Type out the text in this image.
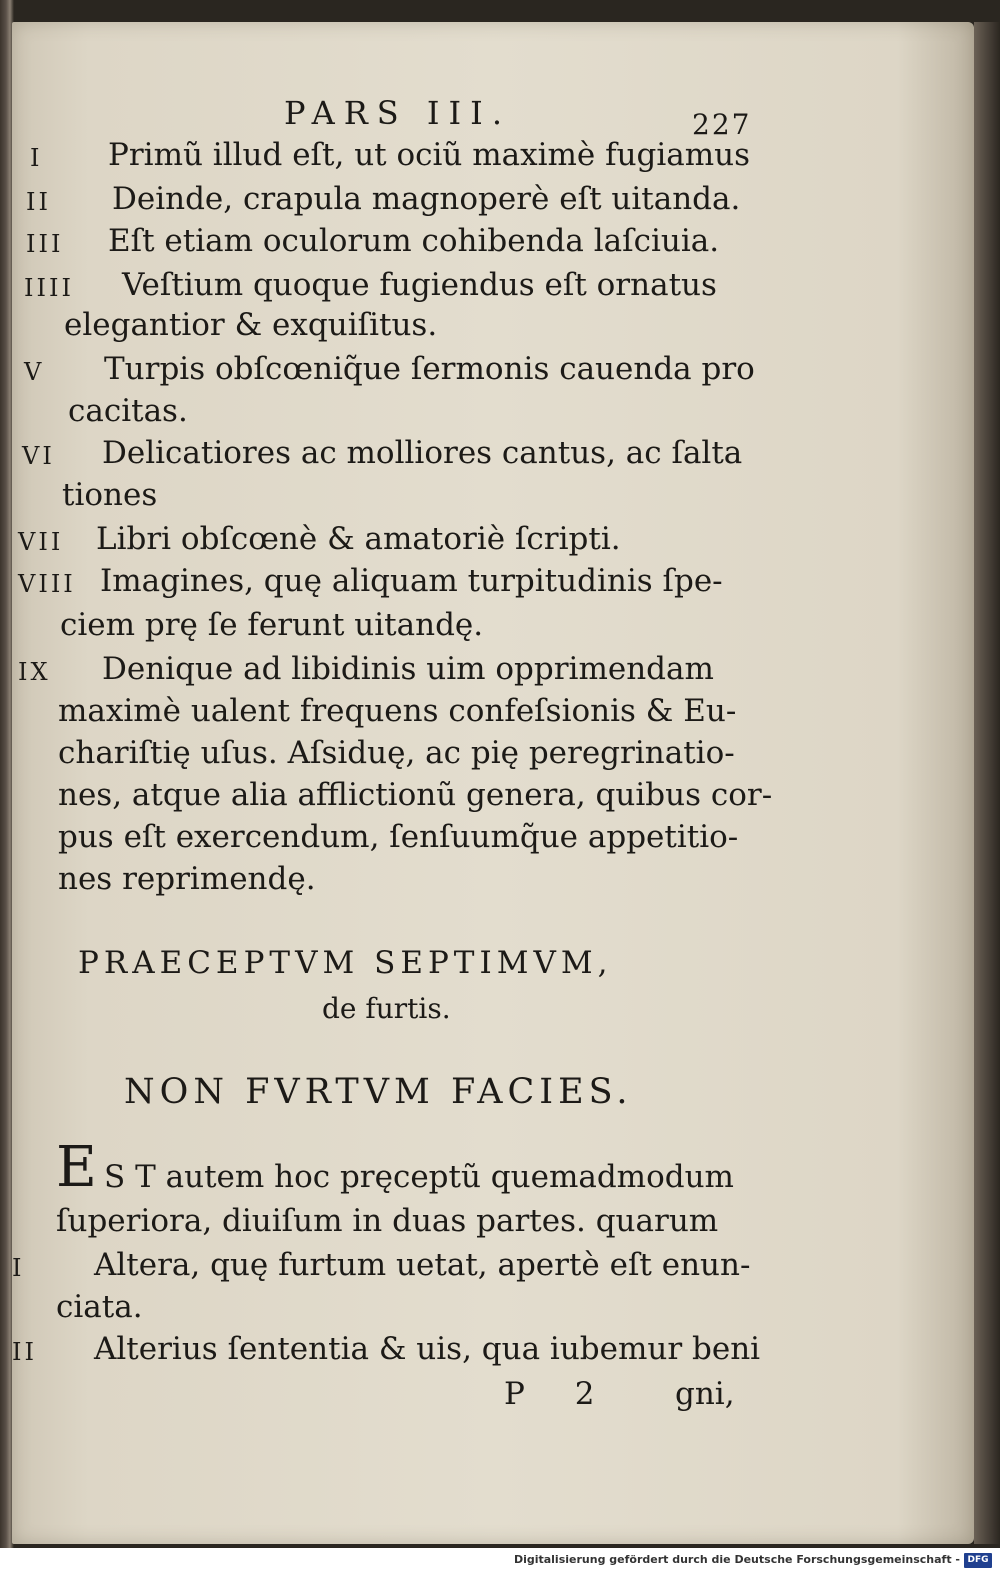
PARS III.	227
I Primũ illud eſt, ut ociũ maximè fugiamus
II Deinde, crapula magnoperè eſt uitanda.
III Eſt etiam oculorum cohibenda laſciuia.
IIII Veſtium quoque fugiendus eſt ornatus
elegantior & exquiſitus.
V Turpis obſcœniq̃ue ſermonis cauenda pro
cacitas.
VI Delicatiores ac molliores cantus, ac ſalta
tiones
VII Libri obſcœnè & amatoriè ſcripti.
VIII Imagines, quę aliquam turpitudinis ſpe-
ciem prę ſe ferunt uitandę.
IX Denique ad libidinis uim opprimendam
maximè ualent frequens confeſsionis & Eu-
chariſtię uſus. Aſsiduę, ac pię peregrinatio-
nes, atque alia afflictionũ genera, quibus cor-
pus eſt exercendum, ſenſuumq̃ue appetitio-
nes reprimendę.
PRAECEPTVM SEPTIMVM,
de furtis.
NON FVRTVM FACIES.
E S T autem hoc pręceptũ quemadmodum
ſuperiora, diuiſum in duas partes. quarum
I Altera, quę furtum uetat, apertè eſt enun-
ciata.
II Alterius ſententia & uis, qua iubemur beni
P 2	gni,
Digitalisierung gefördert durch die Deutsche Forschungsgemeinschaft - DFG
